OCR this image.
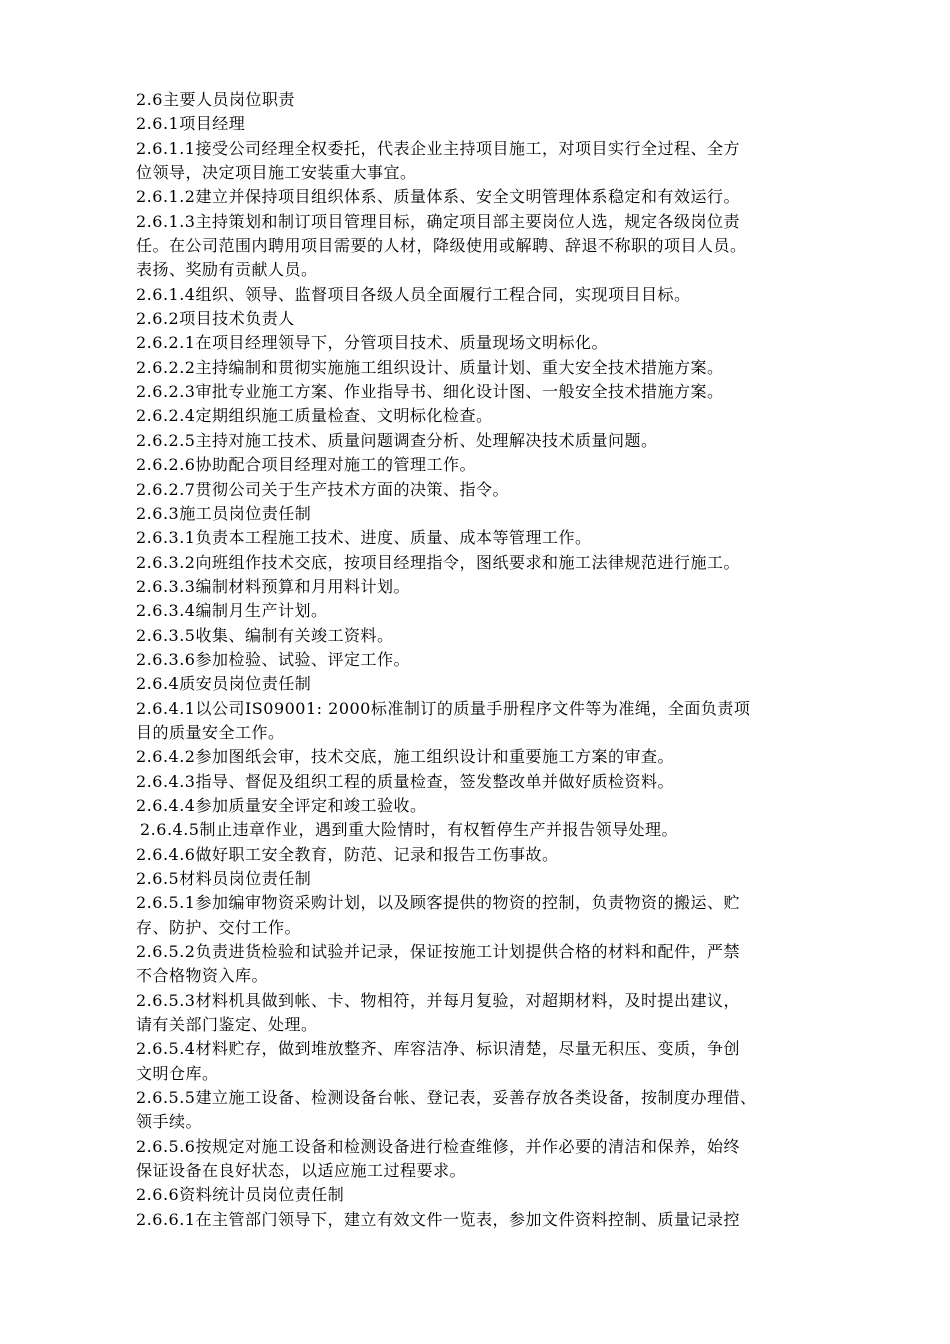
2.6主要人员岗位职责
2.6.1项目经理
2.6.1.1接受公司经理全权委托，代表企业主持项目施工，对项目实行全过程、全方
位领导，决定项目施工安装重大事宜。
2.6.1.2建立并保持项目组织体系、质量体系、安全文明管理体系稳定和有效运行。
2.6.1.3主持策划和制订项目管理目标，确定项目部主要岗位人选，规定各级岗位责
任。在公司范围内聘用项目需要的人材，降级使用或解聘、辞退不称职的项目人员。
表扬、奖励有贡献人员。
2.6.1.4组织、领导、监督项目各级人员全面履行工程合同，实现项目目标。
2.6.2项目技术负责人
2.6.2.1在项目经理领导下，分管项目技术、质量现场文明标化。
2.6.2.2主持编制和贯彻实施施工组织设计、质量计划、重大安全技术措施方案。
2.6.2.3审批专业施工方案、作业指导书、细化设计图、一般安全技术措施方案。
2.6.2.4定期组织施工质量检查、文明标化检查。
2.6.2.5主持对施工技术、质量问题调查分析、处理解决技术质量问题。
2.6.2.6协助配合项目经理对施工的管理工作。
2.6.2.7贯彻公司关于生产技术方面的决策、指令。
2.6.3施工员岗位责任制
2.6.3.1负责本工程施工技术、进度、质量、成本等管理工作。
2.6.3.2向班组作技术交底，按项目经理指令，图纸要求和施工法律规范进行施工。
2.6.3.3编制材料预算和月用料计划。
2.6.3.4编制月生产计划。
2.6.3.5收集、编制有关竣工资料。
2.6.3.6参加检验、试验、评定工作。
2.6.4质安员岗位责任制
2.6.4.1以公司IS09001: 2000标准制订的质量手册程序文件等为准绳，全面负责项
目的质量安全工作。
2.6.4.2参加图纸会审，技术交底，施工组织设计和重要施工方案的审查。
2.6.4.3指导、督促及组织工程的质量检查，签发整改单并做好质检资料。
2.6.4.4参加质量安全评定和竣工验收。
2.6.4.5制止违章作业，遇到重大险情时，有权暂停生产并报告领导处理。
2.6.4.6做好职工安全教育，防范、记录和报告工伤事故。
2.6.5材料员岗位责任制
2.6.5.1参加编审物资采购计划，以及顾客提供的物资的控制，负责物资的搬运、贮
存、防护、交付工作。
2.6.5.2负责进货检验和试验并记录，保证按施工计划提供合格的材料和配件，严禁
不合格物资入库。
2.6.5.3材料机具做到帐、卡、物相符，并每月复验，对超期材料，及时提出建议，
请有关部门鉴定、处理。
2.6.5.4材料贮存，做到堆放整齐、库容洁净、标识清楚，尽量无积压、变质，争创
文明仓库。
2.6.5.5建立施工设备、检测设备台帐、登记表，妥善存放各类设备，按制度办理借、
领手续。
2.6.5.6按规定对施工设备和检测设备进行检查维修，并作必要的清洁和保养，始终
保证设备在良好状态，以适应施工过程要求。
2.6.6资料统计员岗位责任制
2.6.6.1在主管部门领导下，建立有效文件一览表，参加文件资料控制、质量记录控
